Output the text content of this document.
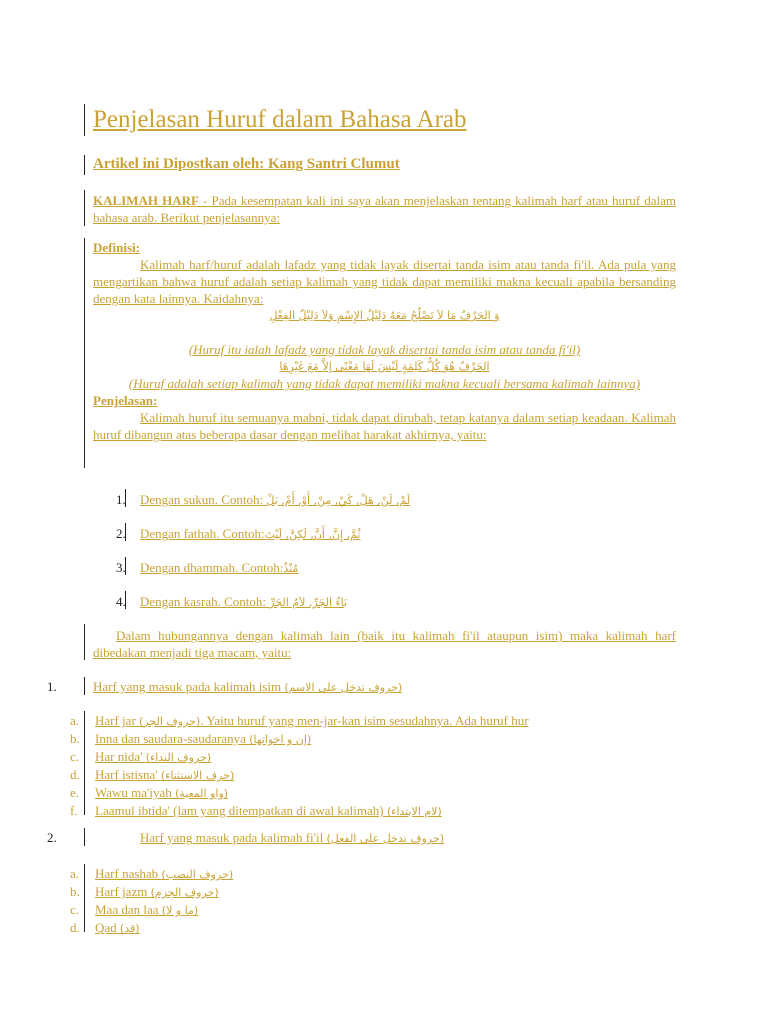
Penjelasan Huruf dalam Bahasa Arab
Artikel ini Dipostkan oleh: Kang Santri Clumut
KALIMAH HARF - Pada kesempatan kali ini saya akan menjelaskan tentang kalimah harf atau huruf dalam bahasa arab. Berikut penjelasannya:
Definisi:
Kalimah harf/huruf adalah lafadz yang tidak layak disertai tanda isim atau tanda fi'il. Ada pula yang mengartikan bahwa huruf adalah setiap kalimah yang tidak dapat memiliki makna kecuali apabila bersanding dengan kata lainnya. Kaidahnya:
وَ الحَرْفُ مَا لاَ تَصْلُحُ مَعَهُ دَلِيْلُ الإِسْمِ وَلاَ دَلِيْلُ الفِعْلِ
(Huruf itu ialah lafadz yang tidak layak disertai tanda isim atau tanda fi'il)
الحَرْفُ هُوَ كُلُّ كَلِمَةٍ لَيْسَ لَهَا مَعْنًى إلاَّ مَعَ غَيْرِهَا
(Huruf adalah setiap kalimah yang tidak dapat memiliki makna kecuali bersama kalimah lainnya)
Penjelasan:
Kalimah huruf itu semuanya mabni, tidak dapat dirubah, tetap katanya dalam setiap keadaan. Kalimah huruf dibangun atas beberapa dasar dengan melihat harakat akhirnya, yaitu:
1. Dengan sukun. Contoh: لَمْ, لَنْ, هَلْ, كَيْ, مِنْ, أَوْ, أَمْ, بَلْ
2. Dengan fathah. Contoh:ثُمَّ, إِنَّ, أَنَّ, لَكِنَّ, لَيْتَ
3. Dengan dhammah. Contoh:مُنْذُ
4. Dengan kasrah. Contoh: بَاءُ الجَرِّ, لاَمُ الجَرِّ
Dalam hubungannya dengan kalimah lain (baik itu kalimah fi'il ataupun isim) maka kalimah harf dibedakan menjadi tiga macam, yaitu:
1.	Harf yang masuk pada kalimah isim (حروف تدخل على الاسم)
a. Harf jar (حروف الجر). Yaitu huruf yang men-jar-kan isim sesudahnya. Ada huruf hur
b. Inna dan saudara-saudaranya (إن و اخواتها)
c. Har nida' (حروف النداء)
d. Harf istisna' (حرف الاستثناء)
e. Wawu ma'iyah (واو المعية)
f. Laamul ibtida' (lam yang ditempatkan di awal kalimah) (لام الابتداء)
2.	Harf yang masuk pada kalimah fi'il (حروف تدخل على الفعل)
a. Harf nashab (حروف النصب)
b. Harf jazm (حروف الجزم)
c. Maa dan laa (ما و لا)
d. Qad (قد)
